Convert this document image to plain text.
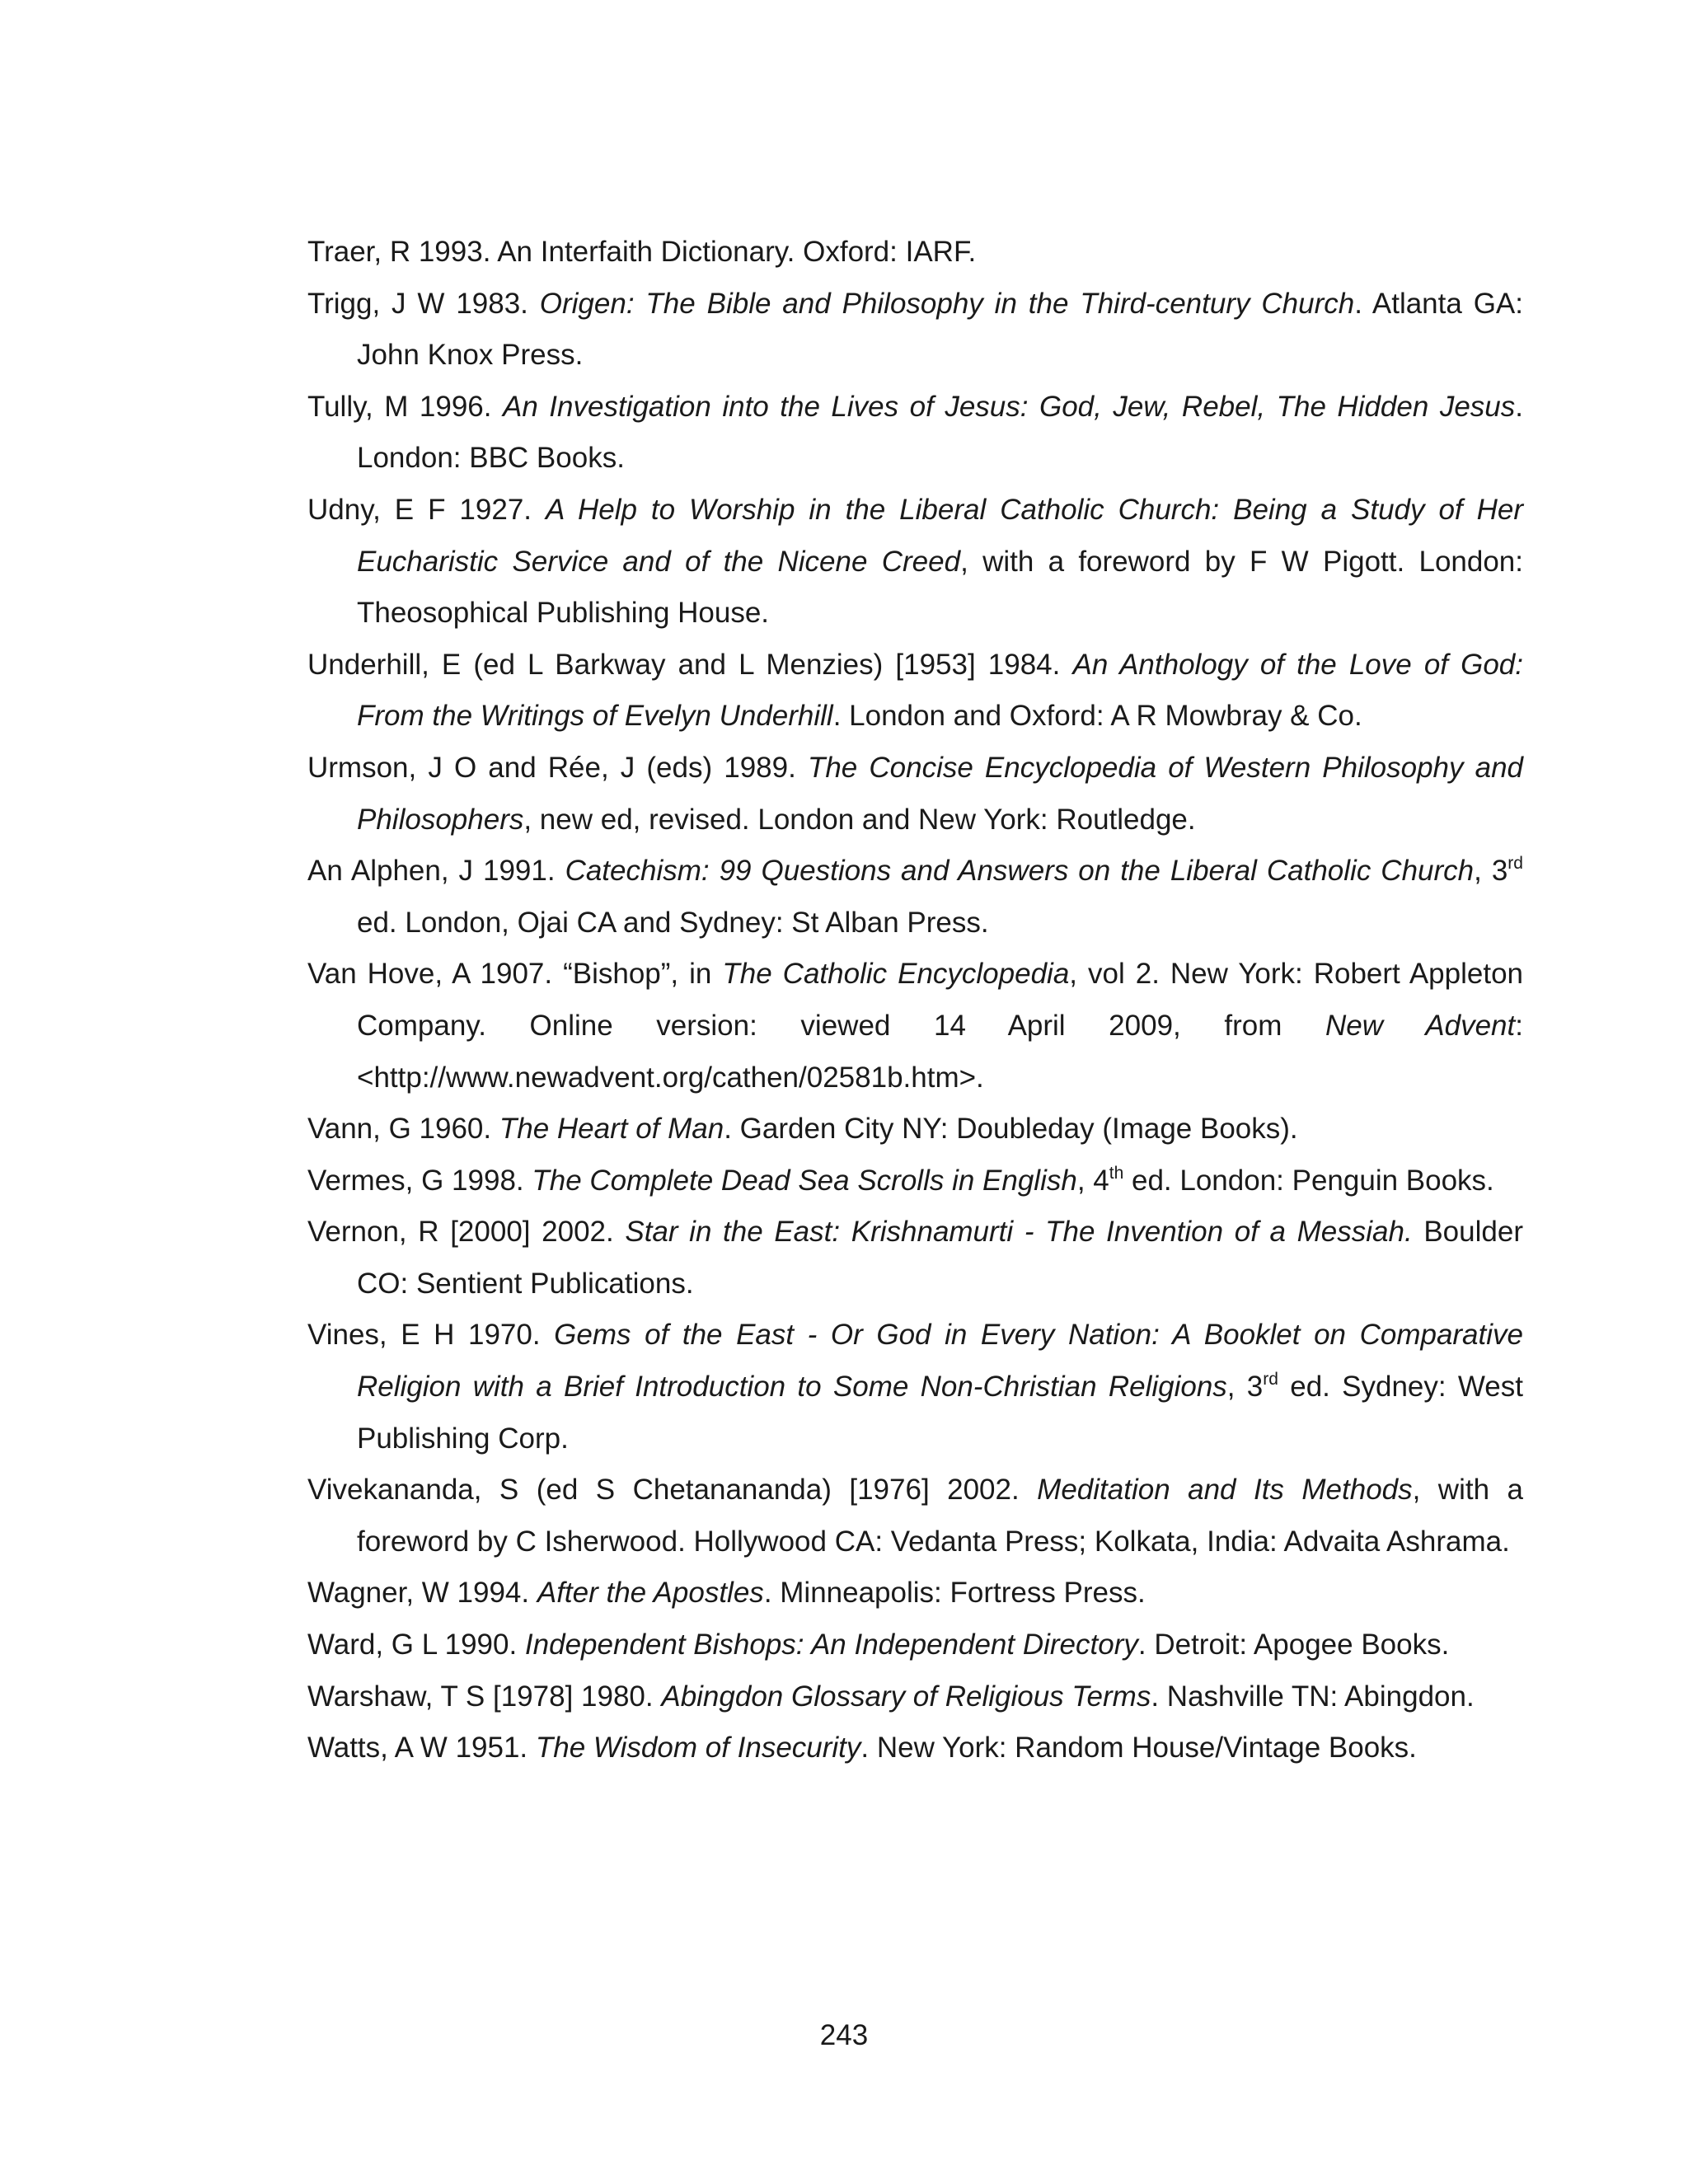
Traer, R 1993. An Interfaith Dictionary. Oxford: IARF.
Trigg, J W 1983. Origen: The Bible and Philosophy in the Third-century Church. Atlanta GA: John Knox Press.
Tully, M 1996. An Investigation into the Lives of Jesus: God, Jew, Rebel, The Hidden Jesus. London: BBC Books.
Udny, E F 1927. A Help to Worship in the Liberal Catholic Church: Being a Study of Her Eucharistic Service and of the Nicene Creed, with a foreword by F W Pigott. London: Theosophical Publishing House.
Underhill, E (ed L Barkway and L Menzies) [1953] 1984. An Anthology of the Love of God: From the Writings of Evelyn Underhill. London and Oxford: A R Mowbray & Co.
Urmson, J O and Rée, J (eds) 1989. The Concise Encyclopedia of Western Philosophy and Philosophers, new ed, revised. London and New York: Routledge.
An Alphen, J 1991. Catechism: 99 Questions and Answers on the Liberal Catholic Church, 3rd ed. London, Ojai CA and Sydney: St Alban Press.
Van Hove, A 1907. “Bishop”, in The Catholic Encyclopedia, vol 2. New York: Robert Appleton Company. Online version: viewed 14 April 2009, from New Advent: <http://www.newadvent.org/cathen/02581b.htm>.
Vann, G 1960. The Heart of Man. Garden City NY: Doubleday (Image Books).
Vermes, G 1998. The Complete Dead Sea Scrolls in English, 4th ed. London: Penguin Books.
Vernon, R [2000] 2002. Star in the East: Krishnamurti - The Invention of a Messiah. Boulder CO: Sentient Publications.
Vines, E H 1970. Gems of the East - Or God in Every Nation: A Booklet on Comparative Religion with a Brief Introduction to Some Non-Christian Religions, 3rd ed. Sydney: West Publishing Corp.
Vivekananda, S (ed S Chetanananda) [1976] 2002. Meditation and Its Methods, with a foreword by C Isherwood. Hollywood CA: Vedanta Press; Kolkata, India: Advaita Ashrama.
Wagner, W 1994. After the Apostles. Minneapolis: Fortress Press.
Ward, G L 1990. Independent Bishops: An Independent Directory. Detroit: Apogee Books.
Warshaw, T S [1978] 1980. Abingdon Glossary of Religious Terms. Nashville TN: Abingdon.
Watts, A W 1951. The Wisdom of Insecurity. New York: Random House/Vintage Books.
243
